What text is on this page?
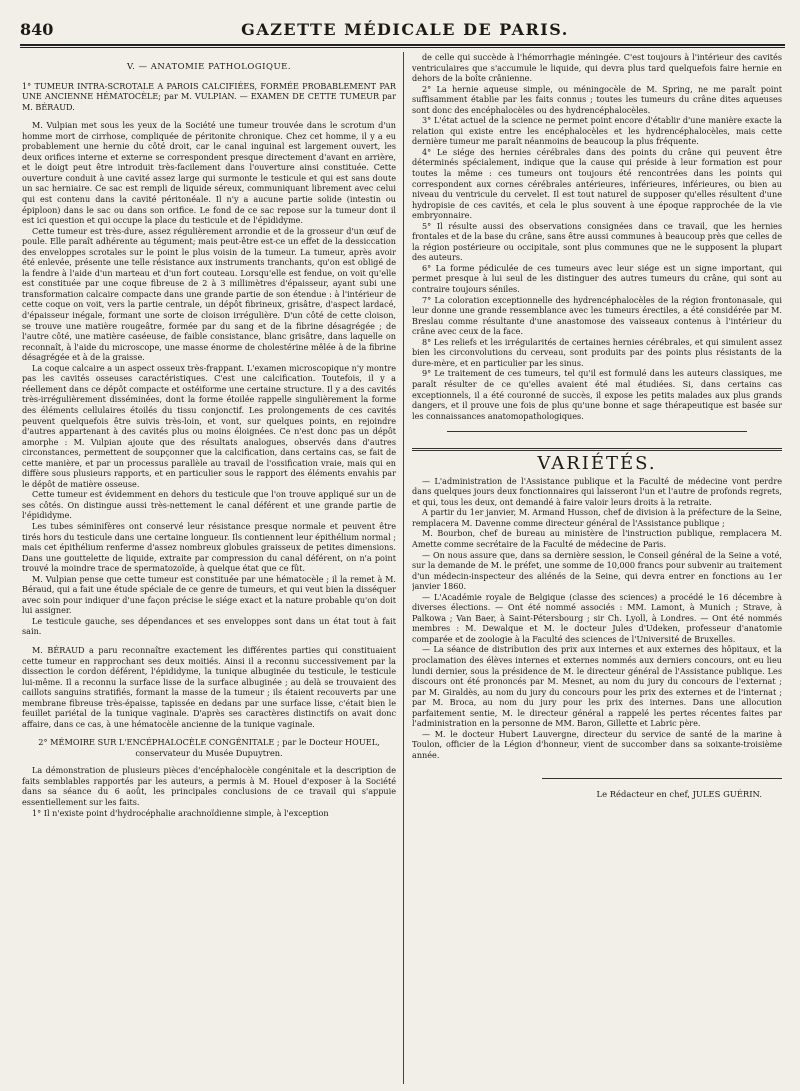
840	GAZETTE MÉDICALE DE PARIS.

V. — ANATOMIE PATHOLOGIQUE.

1° TUMEUR INTRA-SCROTALE A PAROIS CALCIFIÉES, FORMÉE PROBABLEMENT PAR UNE ANCIENNE HÉMATOCÈLE; par M. VULPIAN. — EXAMEN DE CETTE TUMEUR par M. BÉRAUD.

M. Vulpian met sous les yeux de la Société une tumeur trouvée dans le scrotum d'un homme mort de cirrhose, compliquée de péritonite chronique. Chez cet homme, il y a eu probablement une hernie du côté droit, car le canal inguinal est largement ouvert, les deux orifices interne et externe se correspondent presque directement d'avant en arrière, et le doigt peut être introduit très-facilement dans l'ouverture ainsi constituée. Cette ouverture conduit à une cavité assez large qui surmonte le testicule et qui est sans doute un sac herniaire. Ce sac est rempli de liquide séreux, communiquant librement avec celui qui est contenu dans la cavité péritonéale. Il n'y a aucune partie solide (intestin ou épiploon) dans le sac ou dans son orifice. Le fond de ce sac repose sur la tumeur dont il est ici question et qui occupe la place du testicule et de l'épididyme.

Cette tumeur est très-dure, assez régulièrement arrondie et de la grosseur d'un œuf de poule. Elle paraît adhérente au tégument; mais peut-être est-ce un effet de la dessiccation des enveloppes scrotales sur le point le plus voisin de la tumeur. La tumeur, après avoir été enlevée, présente une telle résistance aux instruments tranchants, qu'on est obligé de la fendre à l'aide d'un marteau et d'un fort couteau. Lorsqu'elle est fendue, on voit qu'elle est constituée par une coque fibreuse de 2 à 3 millimètres d'épaisseur, ayant subi une transformation calcaire compacte dans une grande partie de son étendue : à l'intérieur de cette coque on voit, vers la partie centrale, un dépôt fibrineux, grisâtre, d'aspect lardacé, d'épaisseur inégale, formant une sorte de cloison irrégulière. D'un côté de cette cloison, se trouve une matière rougeâtre, formée par du sang et de la fibrine désagrégée ; de l'autre côté, une matière caséeuse, de faible consistance, blanc grisâtre, dans laquelle on reconnaît, à l'aide du microscope, une masse énorme de cholestérine mêlée à de la fibrine désagrégée et à de la graisse.

La coque calcaire a un aspect osseux très-frappant. L'examen microscopique n'y montre pas les cavités osseuses caractéristiques. C'est une calcification. Toutefois, il y a réellement dans ce dépôt compacte et ostéiforme une certaine structure. Il y a des cavités très-irrégulièrement disséminées, dont la forme étoilée rappelle singulièrement la forme des éléments cellulaires étoilés du tissu conjonctif. Les prolongements de ces cavités peuvent quelquefois être suivis très-loin, et vont, sur quelques points, en rejoindre d'autres appartenant à des cavités plus ou moins éloignées. Ce n'est donc pas un dépôt amorphe : M. Vulpian ajoute que des résultats analogues, observés dans d'autres circonstances, permettent de soupçonner que la calcification, dans certains cas, se fait de cette manière, et par un processus parallèle au travail de l'ossification vraie, mais qui en diffère sous plusieurs rapports, et en particulier sous le rapport des éléments envahis par le dépôt de matière osseuse.

Cette tumeur est évidemment en dehors du testicule que l'on trouve appliqué sur un de ses côtés. On distingue aussi très-nettement le canal déférent et une grande partie de l'épididyme.

Les tubes séminifères ont conservé leur résistance presque normale et peuvent être tirés hors du testicule dans une certaine longueur. Ils contiennent leur épithélium normal ; mais cet épithélium renferme d'assez nombreux globules graisseux de petites dimensions. Dans une gouttelette de liquide, extraite par compression du canal déférent, on n'a point trouvé la moindre trace de spermatozoïde, à quelque état que ce fût.

M. Vulpian pense que cette tumeur est constituée par une hématocèle ; il la remet à M. Béraud, qui a fait une étude spéciale de ce genre de tumeurs, et qui veut bien la disséquer avec soin pour indiquer d'une façon précise le siége exact et la nature probable qu'on doit lui assigner.

Le testicule gauche, ses dépendances et ses enveloppes sont dans un état tout à fait sain.

M. BÉRAUD a paru reconnaître exactement les différentes parties qui constituaient cette tumeur en rapprochant ses deux moitiés. Ainsi il a reconnu successivement par la dissection le cordon déférent, l'épididyme, la tunique albuginée du testicule, le testicule lui-même. Il a reconnu la surface lisse de la surface albuginée ; au delà se trouvaient des caillots sanguins stratifiés, formant la masse de la tumeur ; ils étaient recouverts par une membrane fibreuse très-épaisse, tapissée en dedans par une surface lisse, c'était bien le feuillet pariétal de la tunique vaginale. D'après ses caractères distinctifs on avait donc affaire, dans ce cas, à une hématocèle ancienne de la tunique vaginale.

2° MÉMOIRE SUR L'ENCÉPHALOCÈLE CONGÉNITALE ; par le Docteur HOUEL, conservateur du Musée Dupuytren.

La démonstration de plusieurs pièces d'encéphalocèle congénitale et la description de faits semblables rapportés par les auteurs, a permis à M. Houel d'exposer à la Société dans sa séance du 6 août, les principales conclusions de ce travail qui s'appuie essentiellement sur les faits.

1° Il n'existe point d'hydrocéphalie arachnoïdienne simple, à l'exception

de celle qui succède à l'hémorrhagie méningée. C'est toujours à l'intérieur des cavités ventriculaires que s'accumule le liquide, qui devra plus tard quelquefois faire hernie en dehors de la boîte crânienne.

2° La hernie aqueuse simple, ou méningocèle de M. Spring, ne me paraît point suffisamment établie par les faits connus ; toutes les tumeurs du crâne dites aqueuses sont donc des encéphalocèles ou des hydrencéphalocèles.

3° L'état actuel de la science ne permet point encore d'établir d'une manière exacte la relation qui existe entre les encéphalocèles et les hydrencéphalocèles, mais cette dernière tumeur me paraît néanmoins de beaucoup la plus fréquente.

4° Le siége des hernies cérébrales dans des points du crâne qui peuvent être déterminés spécialement, indique que la cause qui préside à leur formation est pour toutes la même : ces tumeurs ont toujours été rencontrées dans les points qui correspondent aux cornes cérébrales antérieures, inférieures, inférieures, ou bien au niveau du ventricule du cervelet. Il est tout naturel de supposer qu'elles résultent d'une hydropisie de ces cavités, et cela le plus souvent à une époque rapprochée de la vie embryonnaire.

5° Il résulte aussi des observations consignées dans ce travail, que les hernies frontales et de la base du crâne, sans être aussi communes à beaucoup près que celles de la région postérieure ou occipitale, sont plus communes que ne le supposent la plupart des auteurs.

6° La forme pédiculée de ces tumeurs avec leur siége est un signe important, qui permet presque à lui seul de les distinguer des autres tumeurs du crâne, qui sont au contraire toujours séniles.

7° La coloration exceptionnelle des hydrencéphalocèles de la région frontonasale, qui leur donne une grande ressemblance avec les tumeurs érectiles, a été considérée par M. Breslau comme résultante d'une anastomose des vaisseaux contenus à l'intérieur du crâne avec ceux de la face.

8° Les reliefs et les irrégularités de certaines hernies cérébrales, et qui simulent assez bien les circonvolutions du cerveau, sont produits par des points plus résistants de la dure-mère, et en particulier par les sinus.

9° Le traitement de ces tumeurs, tel qu'il est formulé dans les auteurs classiques, me paraît résulter de ce qu'elles avaient été mal étudiées. Si, dans certains cas exceptionnels, il a été couronné de succès, il expose les petits malades aux plus grands dangers, et il prouve une fois de plus qu'une bonne et sage thérapeutique est basée sur les connaissances anatomopathologiques.

VARIÉTÉS.

— L'administration de l'Assistance publique et la Faculté de médecine vont perdre dans quelques jours deux fonctionnaires qui laisseront l'un et l'autre de profonds regrets, et qui, tous les deux, ont demandé à faire valoir leurs droits à la retraite.

A partir du 1er janvier, M. Armand Husson, chef de division à la préfecture de la Seine, remplacera M. Davenne comme directeur général de l'Assistance publique ;

M. Bourbon, chef de bureau au ministère de l'instruction publique, remplacera M. Amette comme secrétaire de la Faculté de médecine de Paris.

— On nous assure que, dans sa dernière session, le Conseil général de la Seine a voté, sur la demande de M. le préfet, une somme de 10,000 francs pour subvenir au traitement d'un médecin-inspecteur des aliénés de la Seine, qui devra entrer en fonctions au 1er janvier 1860.

— L'Académie royale de Belgique (classe des sciences) a procédé le 16 décembre à diverses élections. — Ont été nommé associés : MM. Lamont, à Munich ; Strave, à Palkowa ; Van Baer, à Saint-Pétersbourg ; sir Ch. Lyoll, à Londres. — Ont été nommés membres : M. Dewalque et M. le docteur Jules d'Udeken, professeur d'anatomie comparée et de zoologie à la Faculté des sciences de l'Université de Bruxelles.

— La séance de distribution des prix aux internes et aux externes des hôpitaux, et la proclamation des élèves internes et externes nommés aux derniers concours, ont eu lieu lundi dernier, sous la présidence de M. le directeur général de l'Assistance publique. Les discours ont été prononcés par M. Mesnet, au nom du jury du concours de l'externat ; par M. Giraldès, au nom du jury du concours pour les prix des externes et de l'internat ; par M. Broca, au nom du jury pour les prix des internes. Dans une allocution parfaitement sentie, M. le directeur général a rappelé les pertes récentes faites par l'administration en la personne de MM. Baron, Gillette et Labric père.

— M. le docteur Hubert Lauvergne, directeur du service de santé de la marine à Toulon, officier de la Légion d'honneur, vient de succomber dans sa soixante-troisième année.

Le Rédacteur en chef, JULES GUÉRIN.
